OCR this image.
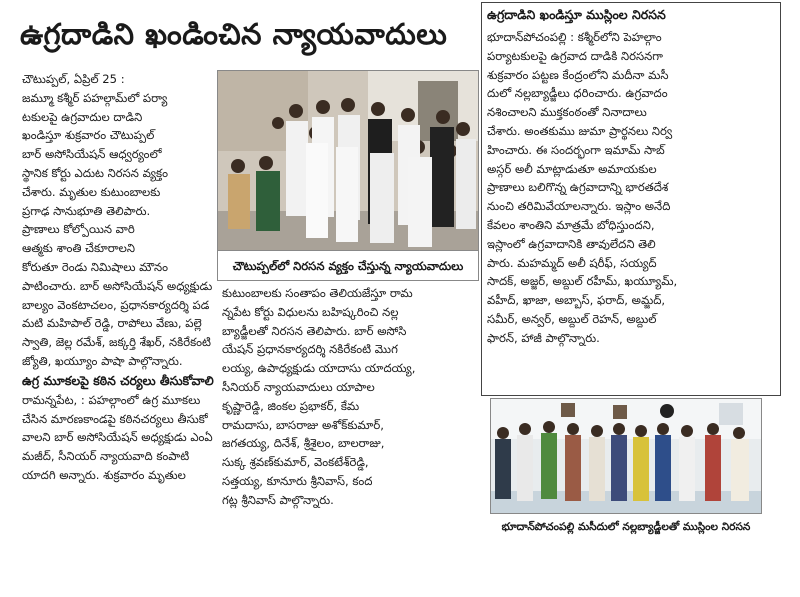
ఉగ్రదాడిని ఖండించిన న్యాయవాదులు

చౌటుప్పల్, ఏప్రిల్ 25 :

జమ్మూ కశ్మీర్ పహల్గామ్‌లో పర్యా

టకులపై ఉగ్రవాదుల దాడిని

ఖండిస్తూ శుక్రవారం చౌటుప్పల్

బార్ అసోసియేషన్ ఆధ్వర్యంలో

స్థానిక కోర్టు ఎదుట నిరసన వ్యక్తం

చేశారు. మృతుల కుటుంబాలకు

ప్రగాఢ సానుభూతి తెలిపారు.

ప్రాణాలు కోల్పోయిన వారి

ఆత్మకు శాంతి చేకూరాలని

కోరుతూ రెండు నిమిషాలు మౌనం

పాటించారు. బార్ అసోసియేషన్ అధ్యక్షుడు

బాల్యం వెంకటాచలం, ప్రధానకార్యదర్శి పడ

మటి మహిపాల్ రెడ్డి, రాపోలు వేణు, పల్లె

స్వాతి, జెల్ల రమేశ్, జక్కర్తి శేఖర్, నకిరేకంటి

జ్యోతి, ఖయ్యూం పాషా పాల్గొన్నారు.

ఉగ్ర మూకలపై కఠిన చర్యలు తీసుకోవాలి

రామన్నపేట, : పహల్గాంలో ఉగ్ర మూకలు

చేసిన మారణకాండపై కఠినచర్యలు తీసుకో

వాలని బార్ అసోసియేషన్ అధ్యక్షుడు ఎంఏ

మజీద్, సీనియర్ న్యాయవాది కంపాటి

యాదగి అన్నారు. శుక్రవారం మృతుల

చౌటుప్పల్‌లో నిరసన వ్యక్తం చేస్తున్న న్యాయవాదులు

కుటుంబాలకు సంతాపం తెలియజేస్తూ రామ

న్నపేట కోర్టు విధులను బహిష్కరించి నల్ల

బ్యాడ్జీలతో నిరసన తెలిపారు. బార్ అసోసి

యేషన్ ప్రధానకార్యదర్శి నకిరేకంటి మొగ

లయ్య, ఉపాధ్యక్షుడు యాదాసు యాదయ్య,

సీనియర్ న్యాయవాదులు యాపాల

కృష్ణారెడ్డి, జింకల ప్రభాకర్, కేమ

రామదాసు, బాసరాజు అశోక్‌కుమార్,

జగతయ్య, దినేశ్, శ్రీశైలం, బాలరాజు,

సుక్క శ్రవణ్‌కుమార్, వెంకటేశ్‌రెడ్డి,

సత్తయ్య, కూనూరు శ్రీనివాస్, కంద

గట్ల శ్రీనివాస్ పాల్గొన్నారు.

ఉగ్రదాడిని ఖండిస్తూ ముస్లింల నిరసన

భూదాన్‌పోచంపల్లి : కశ్మీర్‌లోని పెహల్గాం

పర్యాటకులపై ఉగ్రవాద దాడికి నిరసనగా

శుక్రవారం పట్టణ కేంద్రంలోని మదీనా మసీ

దులో నల్లబ్యాడ్జీలు ధరించారు. ఉగ్రవాదం

నశించాలని ముక్తకంఠంతో నినాదాలు

చేశారు. అంతకుము జుమా ప్రార్థనలు నిర్వ

హించారు. ఈ సందర్భంగా ఇమామ్ సాబ్

అస్గర్ అలీ మాట్లాడుతూ అమాయకుల

ప్రాణాలు బలిగొన్న ఉగ్రవాదాన్ని భారతదేశ

నుంచి తరిమివేయాలన్నారు. ఇస్లాం అనేది

కేవలం శాంతిని మాత్రమే బోధిస్తుందని,

ఇస్లాంలో ఉగ్రవాదానికి తావులేదని తెలి

పారు. మహమ్మద్ అలీ షరీఫ్, సయ్యద్

సాదక్, అజ్జర్, అబ్దుల్ రహీమ్, ఖయ్యూమ్,

వహీద్, ఖాజా, అబ్బాస్, ఫరాద్, అమ్జద్,

సమీర్, అన్వర్, అబ్దుల్ రెహన్, అబ్దుల్

ఫారన్, హాజీ పాల్గొన్నారు.

భూదాన్‌పోచంపల్లి మసీదులో నల్లబ్యాడ్జీలతో ముస్లింల నిరసన
